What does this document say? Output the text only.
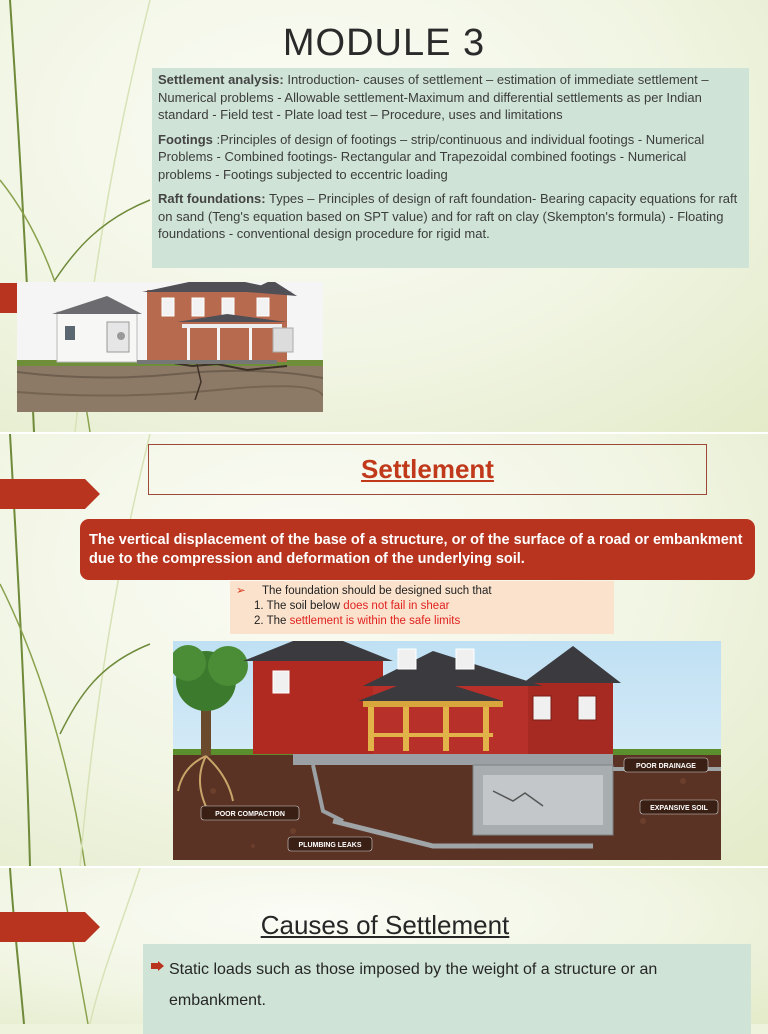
MODULE 3

Settlement analysis: Introduction- causes of settlement – estimation of immediate settlement – Numerical problems - Allowable settlement-Maximum and differential settlements as per Indian standard - Field test - Plate load test – Procedure, uses and limitations

Footings :Principles of design of footings – strip/continuous and individual footings - Numerical Problems - Combined footings- Rectangular and Trapezoidal combined footings - Numerical problems - Footings subjected to eccentric loading

Raft foundations: Types – Principles of design of raft foundation- Bearing capacity equations for raft on sand (Teng's equation based on SPT value) and for raft on clay (Skempton's formula) - Floating foundations - conventional design procedure for rigid mat.

Settlement
The vertical displacement of the base of a structure, or of the surface of a road or embankment due to the compression and deformation of the underlying soil.
➢ The foundation should be designed such that
1. The soil below does not fail in shear
2. The settlement is within the safe limits
POOR DRAINAGE
EXPANSIVE SOIL
POOR COMPACTION
PLUMBING LEAKS
Causes of Settlement
Static loads such as those imposed by the weight of a structure or an embankment.
